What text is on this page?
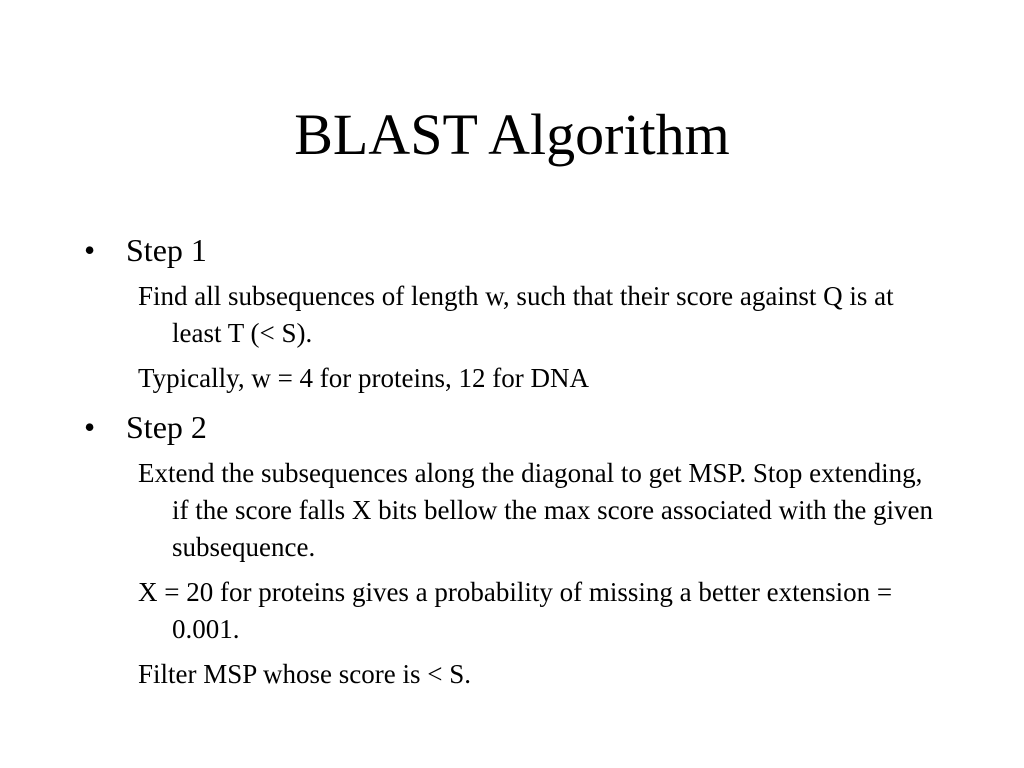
BLAST Algorithm
• Step 1
Find all subsequences of length w, such that their score against Q is at least T (< S).
Typically, w = 4 for proteins, 12 for DNA
• Step 2
Extend the subsequences along the diagonal to get MSP. Stop extending, if the score falls X bits bellow the max score associated with the given subsequence.
X = 20 for proteins gives a probability of missing a better extension = 0.001.
Filter MSP whose score is < S.
